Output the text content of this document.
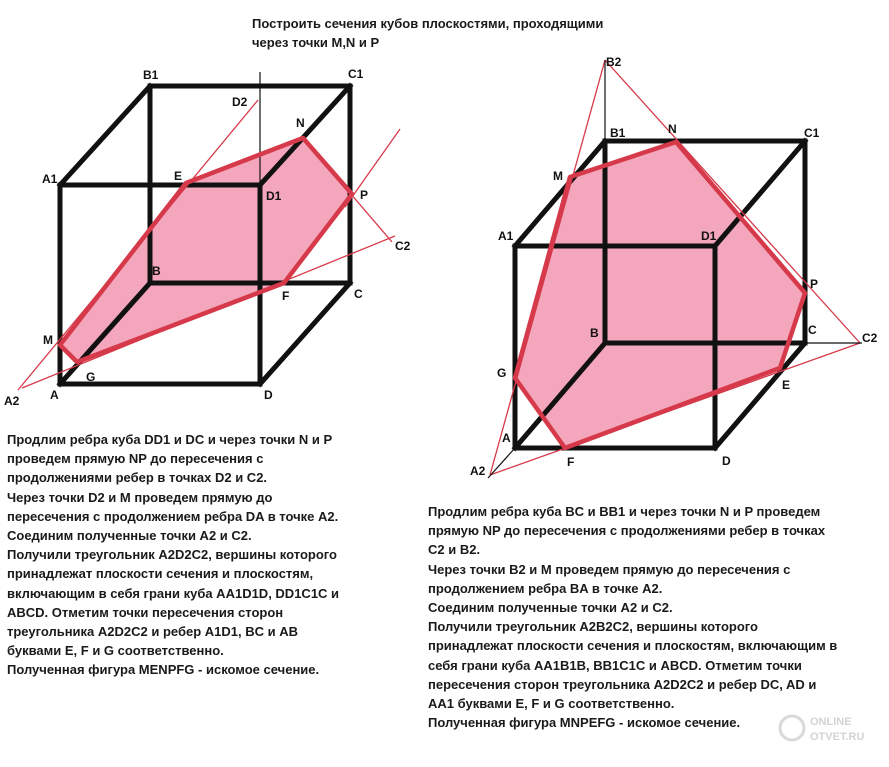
Построить сечения кубов плоскостями, проходящими
через точки M,N и P
B1	C1
D2
N
A1	E
D1	P
C2
B
F	C
M
G
A2	A	D
B2
B1	N	C1
M
A1	D1
P
B	C
C2
G
E
A
F	D
A2
ONLINE
OTVET.RU
Продлим ребра куба DD1 и DC и через точки N и P
проведем прямую NP до пересечения с
продолжениями ребер в точках D2 и C2.
Через точки D2 и M проведем прямую до
пересечения с продолжением ребра DA в точке A2.
Соединим полученные точки A2 и C2.
Получили треугольник A2D2C2, вершины которого
принадлежат плоскости сечения и плоскостям,
включающим в себя грани куба AA1D1D, DD1C1C и
ABCD. Отметим точки пересечения сторон
треугольника A2D2C2 и ребер A1D1, BC и AB
буквами E, F и G соответственно.
Полученная фигура MENPFG - искомое сечение.
Продлим ребра куба BC и BB1 и через точки N и P проведем
прямую NP до пересечения с продолжениями ребер в точках
C2 и B2.
Через точки B2 и M проведем прямую до пересечения с
продолжением ребра BA в точке A2.
Соединим полученные точки A2 и C2.
Получили треугольник A2B2C2, вершины которого
принадлежат плоскости сечения и плоскостям, включающим в
себя грани куба AA1B1B, BB1C1C и ABCD. Отметим точки
пересечения сторон треугольника A2D2C2 и ребер DC, AD и
AA1 буквами E, F и G соответственно.
Полученная фигура MNPEFG - искомое сечение.
